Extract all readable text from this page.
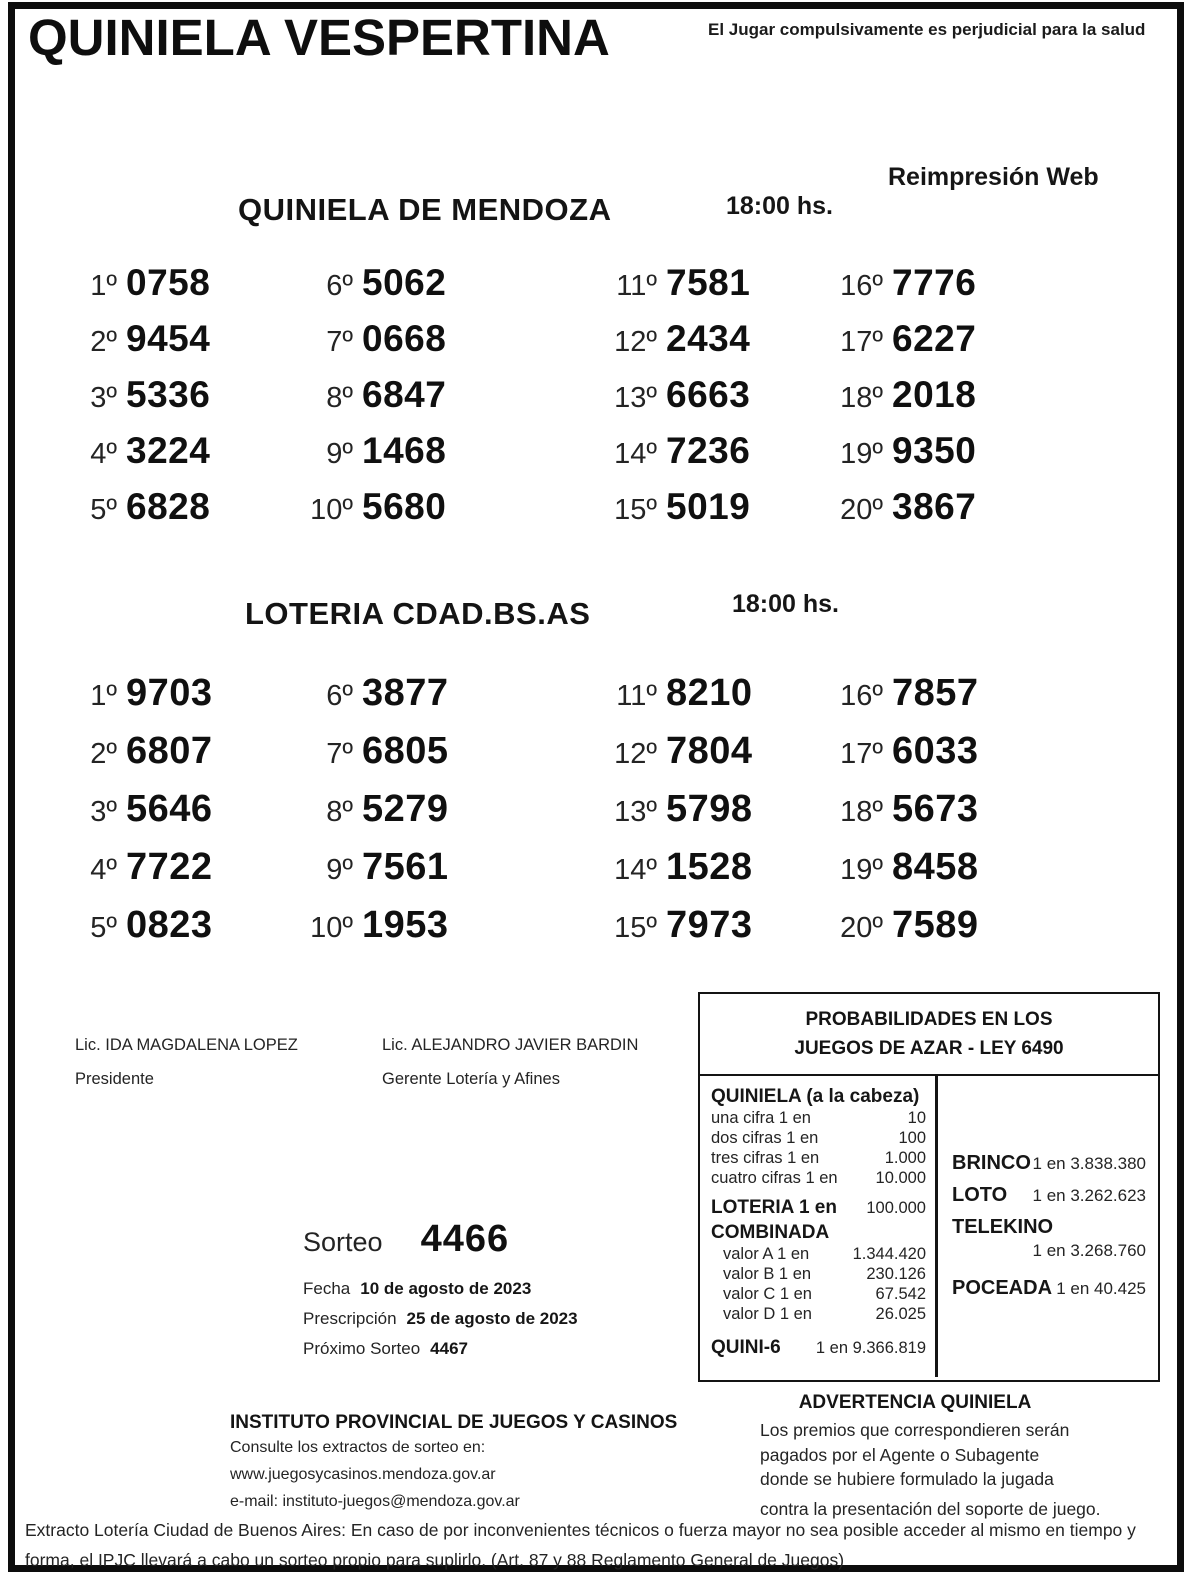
QUINIELA VESPERTINA	El Jugar compulsivamente es perjudicial para la salud
Reimpresión Web
QUINIELA DE MENDOZA	18:00 hs.
1º 0758
2º 9454
3º 5336
4º 3224
5º 6828
6º 5062
7º 0668
8º 6847
9º 1468
10º 5680
11º 7581
12º 2434
13º 6663
14º 7236
15º 5019
16º 7776
17º 6227
18º 2018
19º 9350
20º 3867
LOTERIA CDAD.BS.AS	18:00 hs.
1º 9703
2º 6807
3º 5646
4º 7722
5º 0823
6º 3877
7º 6805
8º 5279
9º 7561
10º 1953
11º 8210
12º 7804
13º 5798
14º 1528
15º 7973
16º 7857
17º 6033
18º 5673
19º 8458
20º 7589
Lic. IDA MAGDALENA LOPEZ
Presidente
Lic. ALEJANDRO JAVIER BARDIN
Gerente Lotería y Afines
PROBABILIDADES EN LOS
JUEGOS DE AZAR - LEY 6490
QUINIELA (a la cabeza)
una cifra 1 en	10
dos cifras 1 en	100
tres cifras 1 en	1.000
cuatro cifras 1 en 10.000
LOTERIA 1 en 100.000
COMBINADA
valor A 1 en	1.344.420
valor B 1 en	230.126
valor C 1 en	67.542
valor D 1 en	26.025
QUINI-6 1 en 9.366.819
BRINCO 1 en 3.838.380
LOTO 1 en 3.262.623
TELEKINO
1 en 3.268.760
POCEADA 1 en 40.425
Sorteo 4466
Fecha 10 de agosto de 2023
Prescripción 25 de agosto de 2023
Próximo Sorteo 4467
INSTITUTO PROVINCIAL DE JUEGOS Y CASINOS
Consulte los extractos de sorteo en:
www.juegosycasinos.mendoza.gov.ar
e-mail: instituto-juegos@mendoza.gov.ar
ADVERTENCIA QUINIELA
Los premios que correspondieren serán
pagados por el Agente o Subagente
donde se hubiere formulado la jugada
contra la presentación del soporte de juego.
Extracto Lotería Ciudad de Buenos Aires: En caso de por inconvenientes técnicos o fuerza mayor no sea posible acceder al mismo en tiempo y forma, el IPJC llevará a cabo un sorteo propio para suplirlo. (Art. 87 y 88 Reglamento General de Juegos)
